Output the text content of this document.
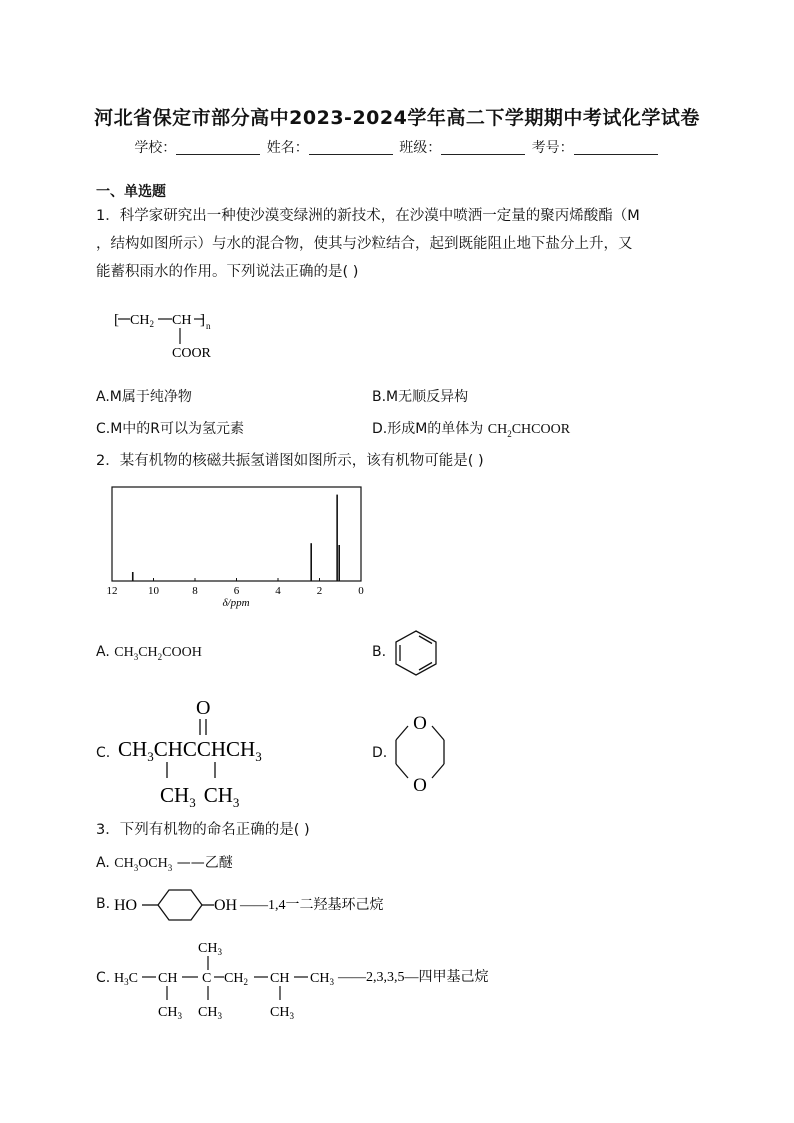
河北省保定市部分高中2023-2024学年高二下学期期中考试化学试卷
学校：	姓名：	班级：	考号：
一、单选题
1．科学家研究出一种使沙漠变绿洲的新技术，在沙漠中喷洒一定量的聚丙烯酸酯（M
，结构如图所示）与水的混合物，使其与沙粒结合，起到既能阻止地下盐分上升，又
能蓄积雨水的作用。下列说法正确的是( )
[ $CH_2$ CH ] n
COOR
A.M属于纯净物	B.M无顺反异构
C.M中的R可以为氢元素	D.形成M的单体为 $CH_2CHCOOR$
2．某有机物的核磁共振氢谱图如图所示，该有机物可能是( )
12	10	8	6	4	2	0
δ/ppm
A. $CH_3CH_2COOH$	B.
C.
O
$CH_3CHCCHCH_3$
$CH_3$ $CH_3$
D.
O
O
3．下列有机物的命名正确的是( )
A. $CH_3OCH_3$ ——乙醚
B. HO	OH ——1,4一二羟基环己烷
C.
$CH_3$
$H_3C$ CH C $CH_2$ CH $CH_3$ ——2,3,3,5—四甲基己烷
$CH_3$ $CH_3$	$CH_3$
